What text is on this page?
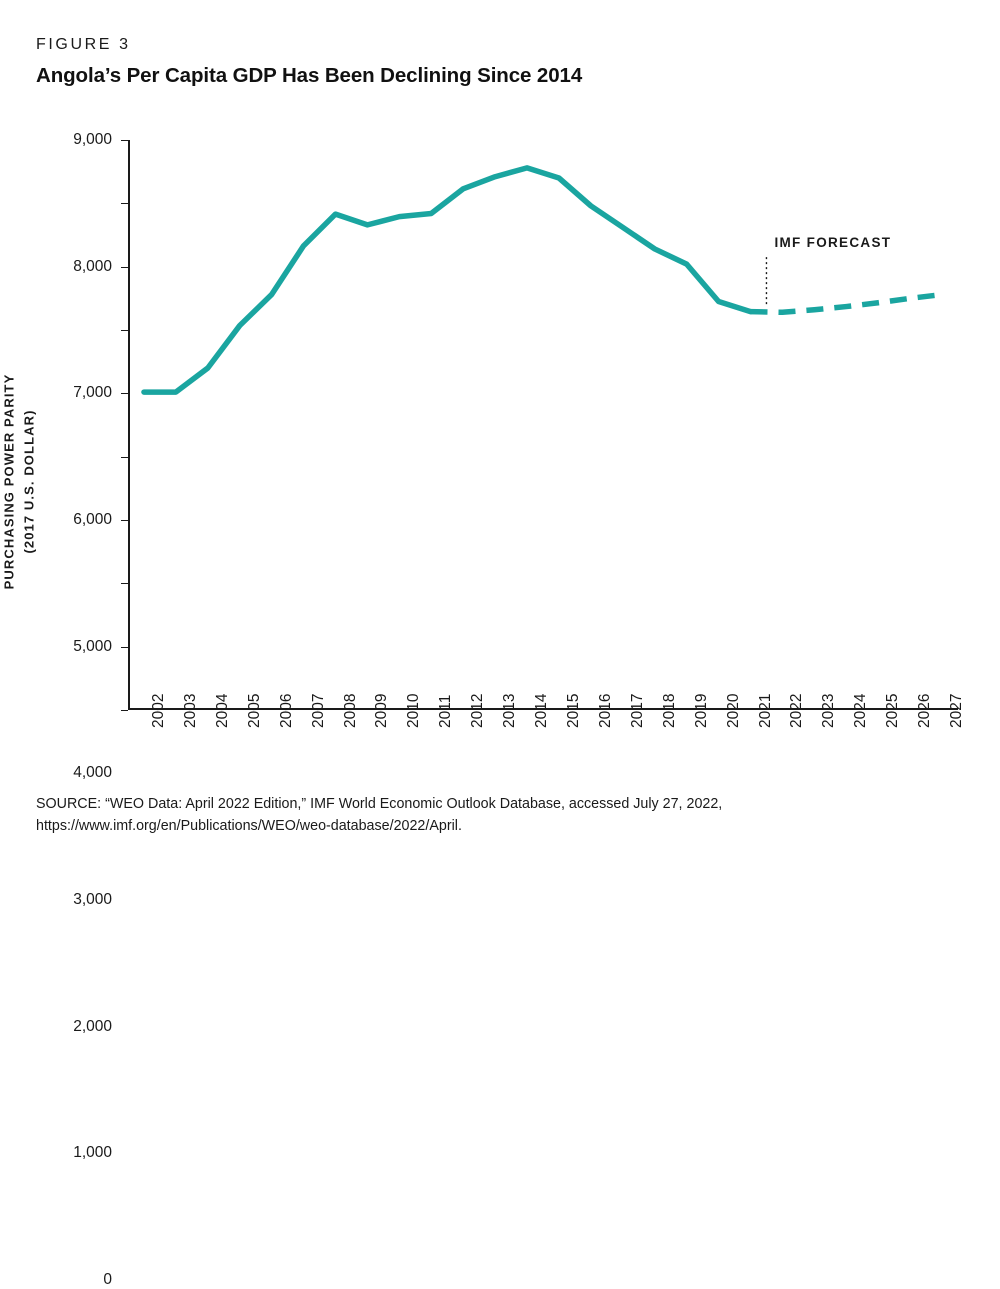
FIGURE 3
Angola’s Per Capita GDP Has Been Declining Since 2014
PURCHASING POWER PARITY (2017 U.S. DOLLAR)
IMF FORECAST
0
1,000
2,000
3,000
4,000
5,000
6,000
7,000
8,000
9,000
2002 2003 2004 2005 2006 2007 2008 2009 2010 2011 2012 2013 2014 2015 2016 2017 2018 2019 2020 2021 2022 2023 2024 2025 2026 2027
SOURCE: “WEO Data: April 2022 Edition,” IMF World Economic Outlook Database, accessed July 27, 2022,
https://www.imf.org/en/Publications/WEO/weo-database/2022/April.
